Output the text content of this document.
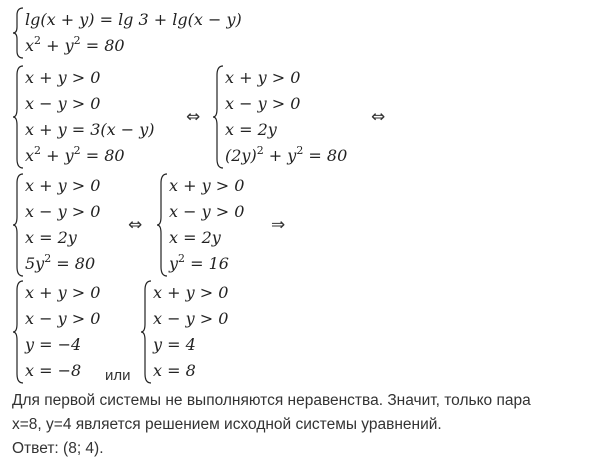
lg(x + y) = lg 3 + lg(x − y)
$x^2 + y^2 = 80$
x + y > 0
x − y > 0
x + y = 3(x − y)
$x^2 + y^2 = 80$
⇔
x + y > 0
x − y > 0
x = 2y
$(2y)^2 + y^2 = 80$
⇔
x + y > 0
x − y > 0
x = 2y
$5y^2 = 80$
⇔
x + y > 0
x − y > 0
x = 2y
$y^2 = 16$
⇒
x + y > 0
x − y > 0
y = −4
x = −8	или
x + y > 0
x − y > 0
y = 4
x = 8
Для первой системы не выполняются неравенства. Значит, только пара
x=8, y=4 является решением исходной системы уравнений.
Ответ: (8; 4).
